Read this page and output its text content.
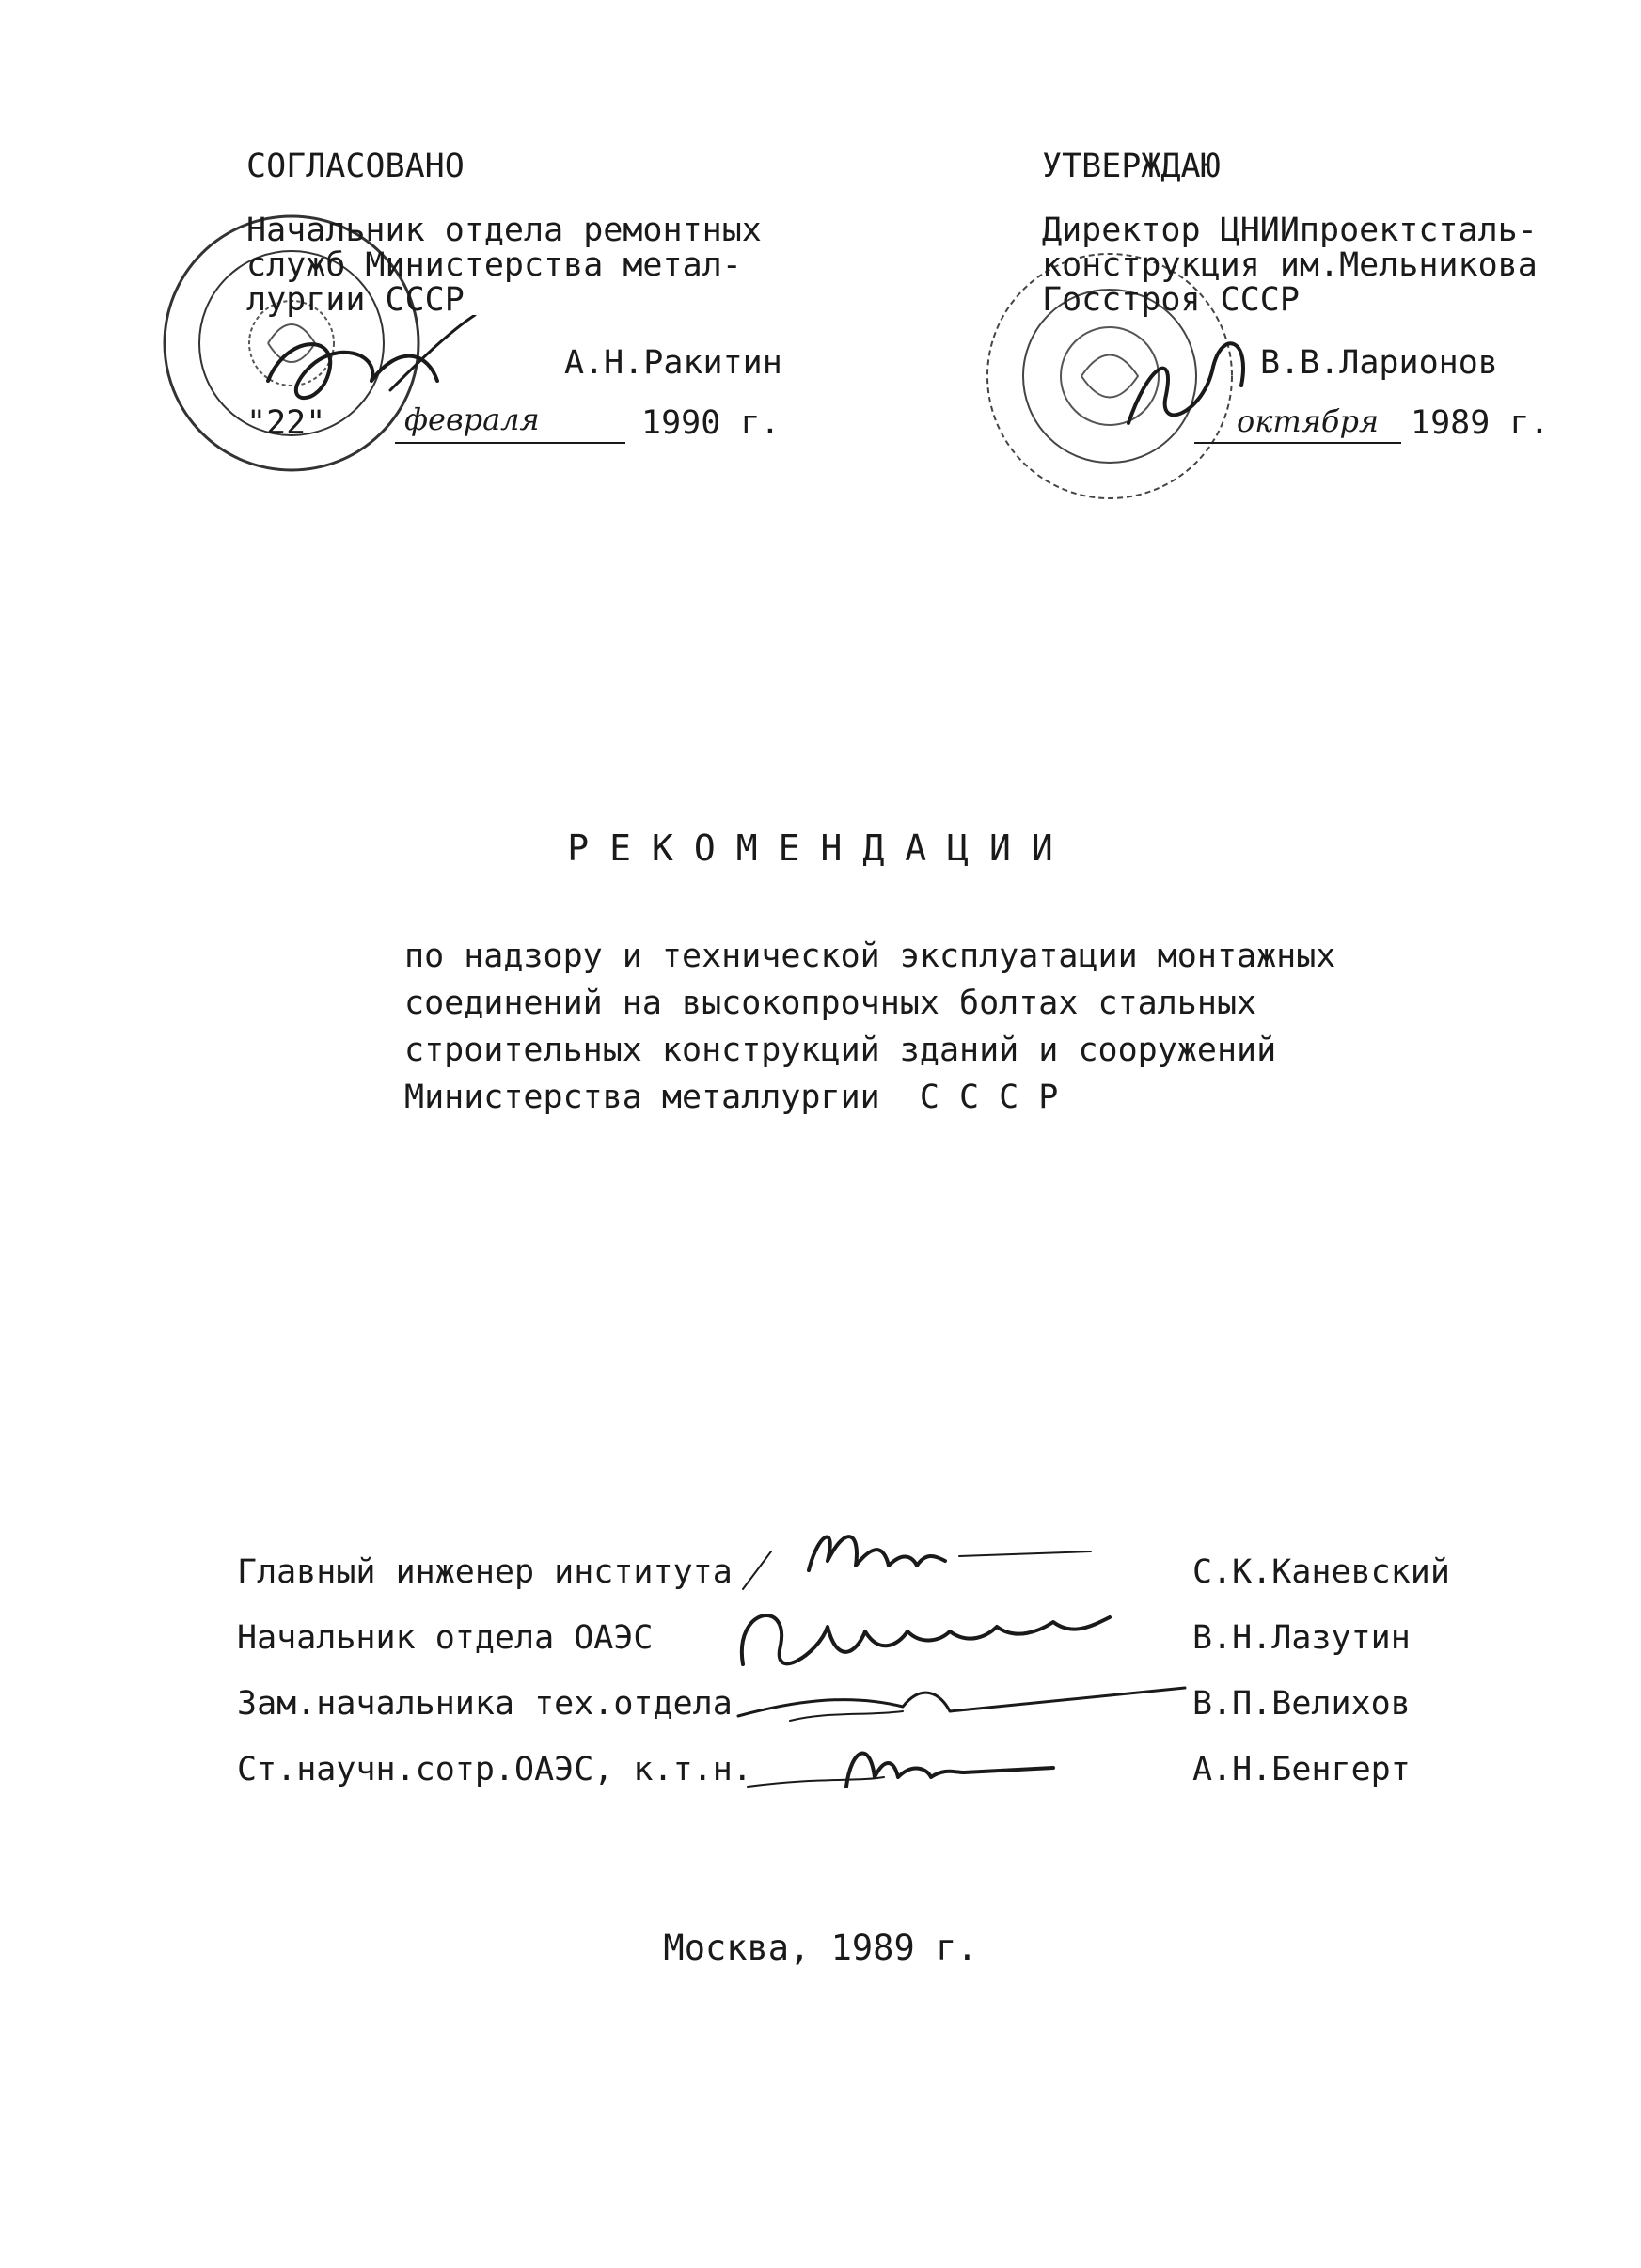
СОГЛАСОВАНО
Начальник отдела ремонтных
служб Министерства метал-
лургии СССР
А.Н.Ракитин
"22"	февраля	1990 г.
УТВЕРЖДАЮ
Директор ЦНИИпроектсталь-
конструкция им.Мельникова
Госстроя СССР
В.В.Ларионов
октября 1989 г.
РЕКОМЕНДАЦИИ
по надзору и технической эксплуатации монтажных
соединений на высокопрочных болтах стальных
строительных конструкций зданий и сооружений
Министерства металлургии  С С С Р
Главный инженер института	С.К.Каневский
Начальник отдела ОАЭС	В.Н.Лазутин
Зам.начальника тех.отдела	В.П.Велихов
Ст.научн.сотр.ОАЭС, к.т.н.	А.Н.Бенгерт
Москва, 1989 г.
